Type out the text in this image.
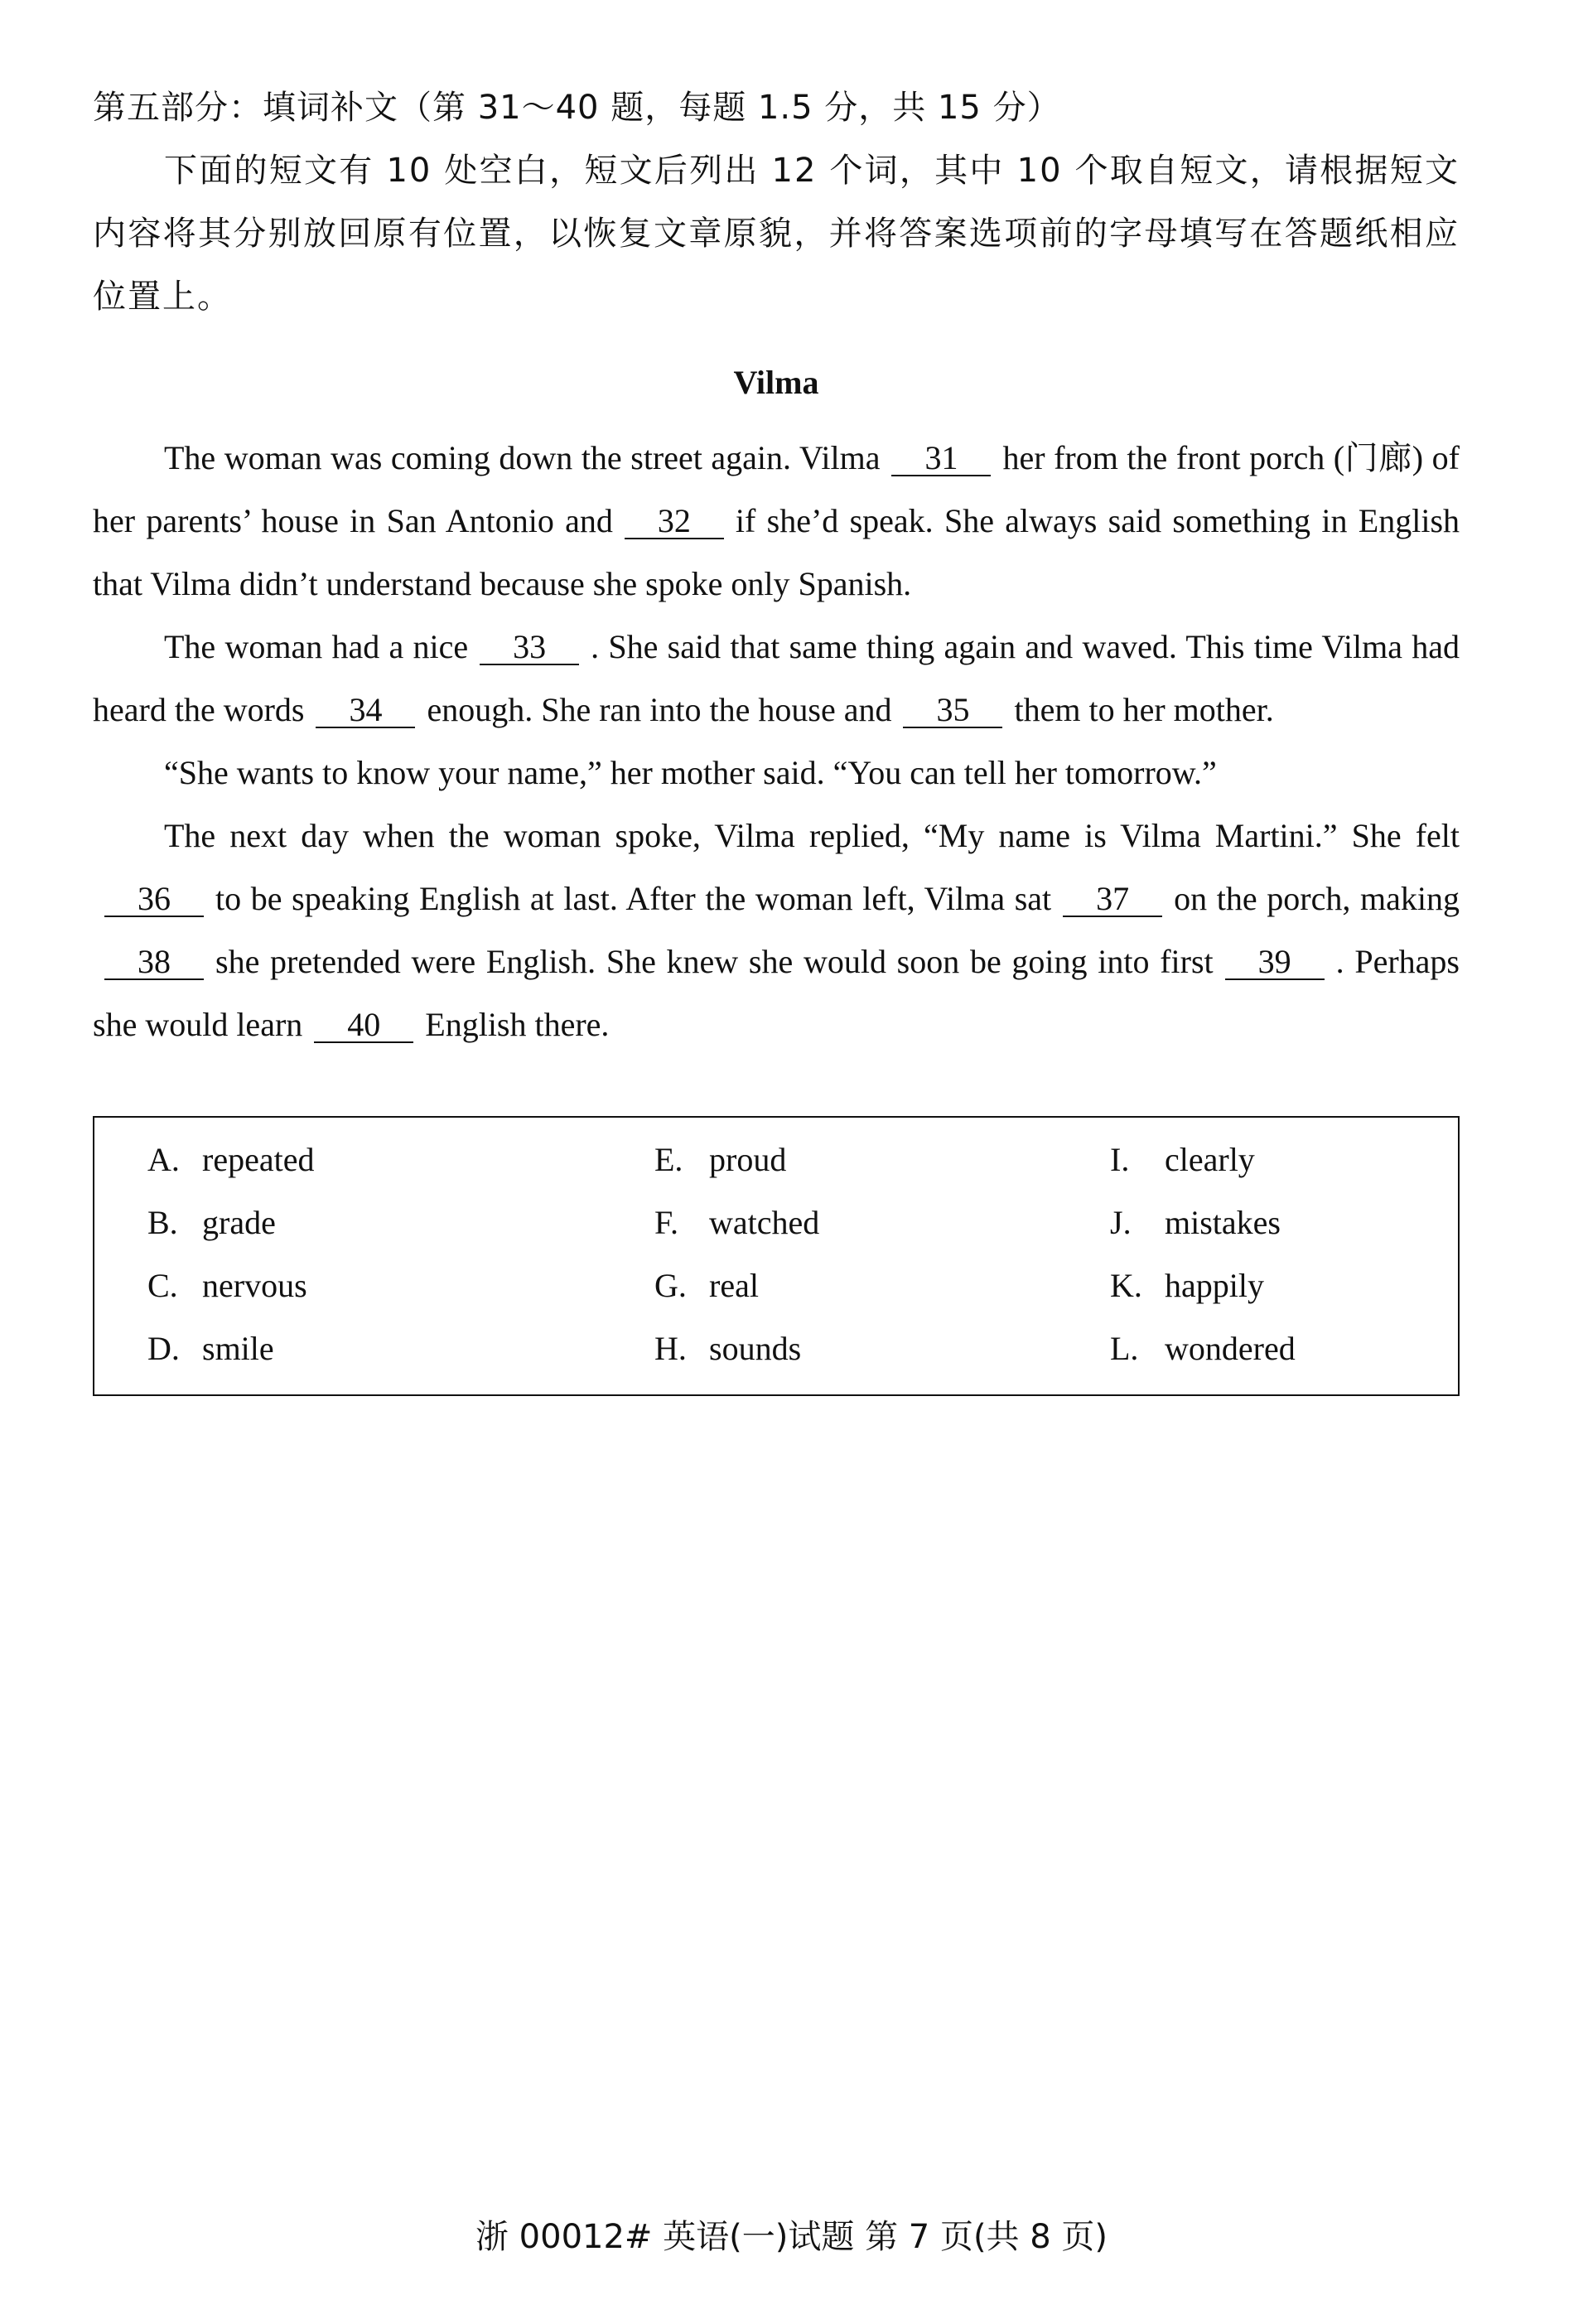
第五部分：填词补文（第 31～40 题，每题 1.5 分，共 15 分）

下面的短文有 10 处空白，短文后列出 12 个词，其中 10 个取自短文，请根据短文内容将其分别放回原有位置，以恢复文章原貌，并将答案选项前的字母填写在答题纸相应位置上。

Vilma

The woman was coming down the street again. Vilma 31 her from the front porch (门廊) of her parents’ house in San Antonio and 32 if she’d speak. She always said something in English that Vilma didn’t understand because she spoke only Spanish.

The woman had a nice 33 . She said that same thing again and waved. This time Vilma had heard the words 34 enough. She ran into the house and 35 them to her mother.

“She wants to know your name,” her mother said. “You can tell her tomorrow.”

The next day when the woman spoke, Vilma replied, “My name is Vilma Martini.” She felt36 to be speaking English at last. After the woman left, Vilma sat 37 on the porch, making38 she pretended were English. She knew she would soon be going into first 39 . Perhaps she would learn 40 English there.

A. repeated	E. proud	I. clearly
B. grade	F. watched	J. mistakes
C. nervous	G. real	K. happily
D. smile	H. sounds	L. wondered
浙 00012# 英语(一)试题 第 7 页(共 8 页)
